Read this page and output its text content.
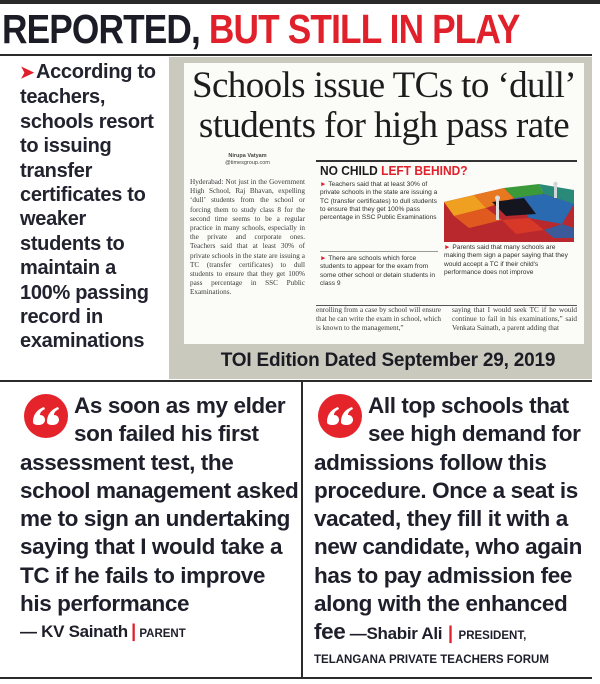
REPORTED, BUT STILL IN PLAY
➤ According to teachers, schools resort to issuing transfer certificates to weaker students to maintain a 100% passing record in examinations
Schools issue TCs to ‘dull’
students for high pass rate
Nirupa Vatyam
@timesgroup.com
Hyderabad: Not just in the Government High School, Raj Bhavan, expelling ‘dull’ students from the school or forcing them to study class 8 for the second time seems to be a regular practice in many schools, especially in the private and corporate ones. Teachers said that at least 30% of private schools in the state are issuing a TC (transfer certificates) to dull students to ensure that they get 100% pass percentage in SSC Public Examinations.
enrolling from a case by school will ensure that he can write the exam in school, which is known to the management,”
saying that I would seek TC if he would continue to fail in his examinations,” said Venkata Sainath, a parent adding that
NO CHILD LEFT BEHIND?
► Teachers said that at least 30% of private schools in the state are issuing a TC (transfer certificates) to dull students to ensure that they get 100% pass percentage in SSC Public Examinations
► There are schools which force students to appear for the exam from some other school or detain students in class 9
► Parents said that many schools are making them sign a paper saying that they would accept a TC if their child's performance does not improve
TOI Edition Dated September 29, 2019
As soon as my elder son failed his first assessment test, the school management asked me to sign an undertaking saying that I would take a TC if he fails to improve his performance
— KV Sainath | PARENT
All top schools that see high demand for admissions follow this procedure. Once a seat is vacated, they fill it with a new candidate, who again has to pay admission fee along with the enhanced fee —Shabir Ali | PRESIDENT,
TELANGANA PRIVATE TEACHERS FORUM
